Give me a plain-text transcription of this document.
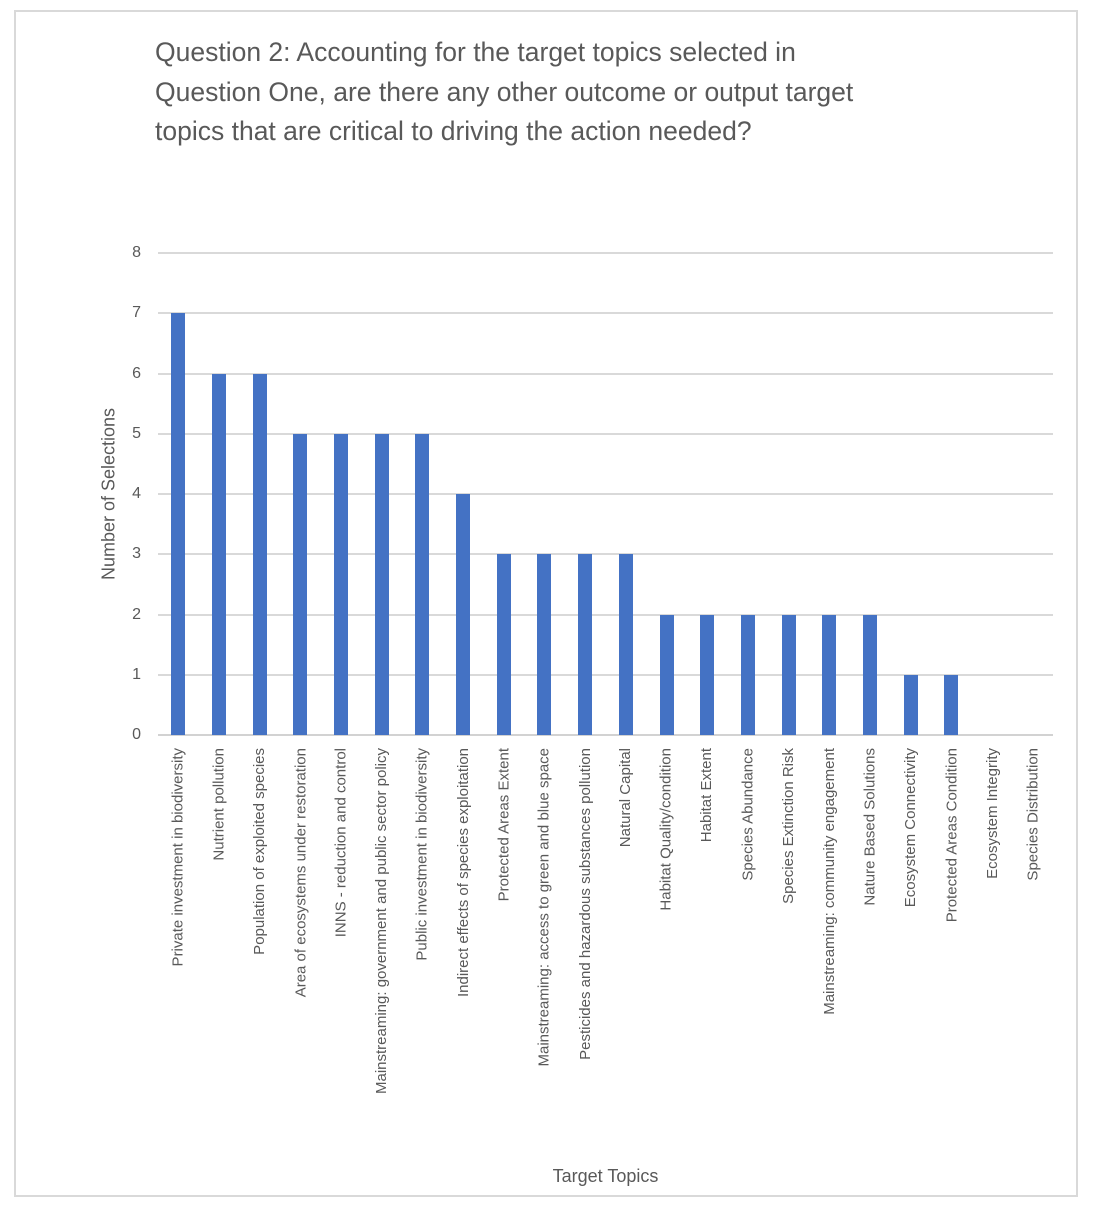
Question 2: Accounting for the target topics selected in
Question One, are there any other outcome or output target
topics that are critical to driving the action needed?
0
1
2
3
4
5
6
7
8
Private investment in biodiversity Nutrient pollution Population of exploited species Area of ecosystems under restoration INNS - reduction and control Mainstreaming: government and public sector policy Public investment in biodiversity Indirect effects of species exploitation Protected Areas Extent Mainstreaming: access to green and blue space Pesticides and hazardous substances pollution Natural Capital Habitat Quality/condition Habitat Extent Species Abundance Species Extinction Risk Mainstreaming: community engagement Nature Based Solutions Ecosystem Connectivity Protected Areas Condition Ecosystem Integrity Species Distribution
Number of Selections
Target Topics
